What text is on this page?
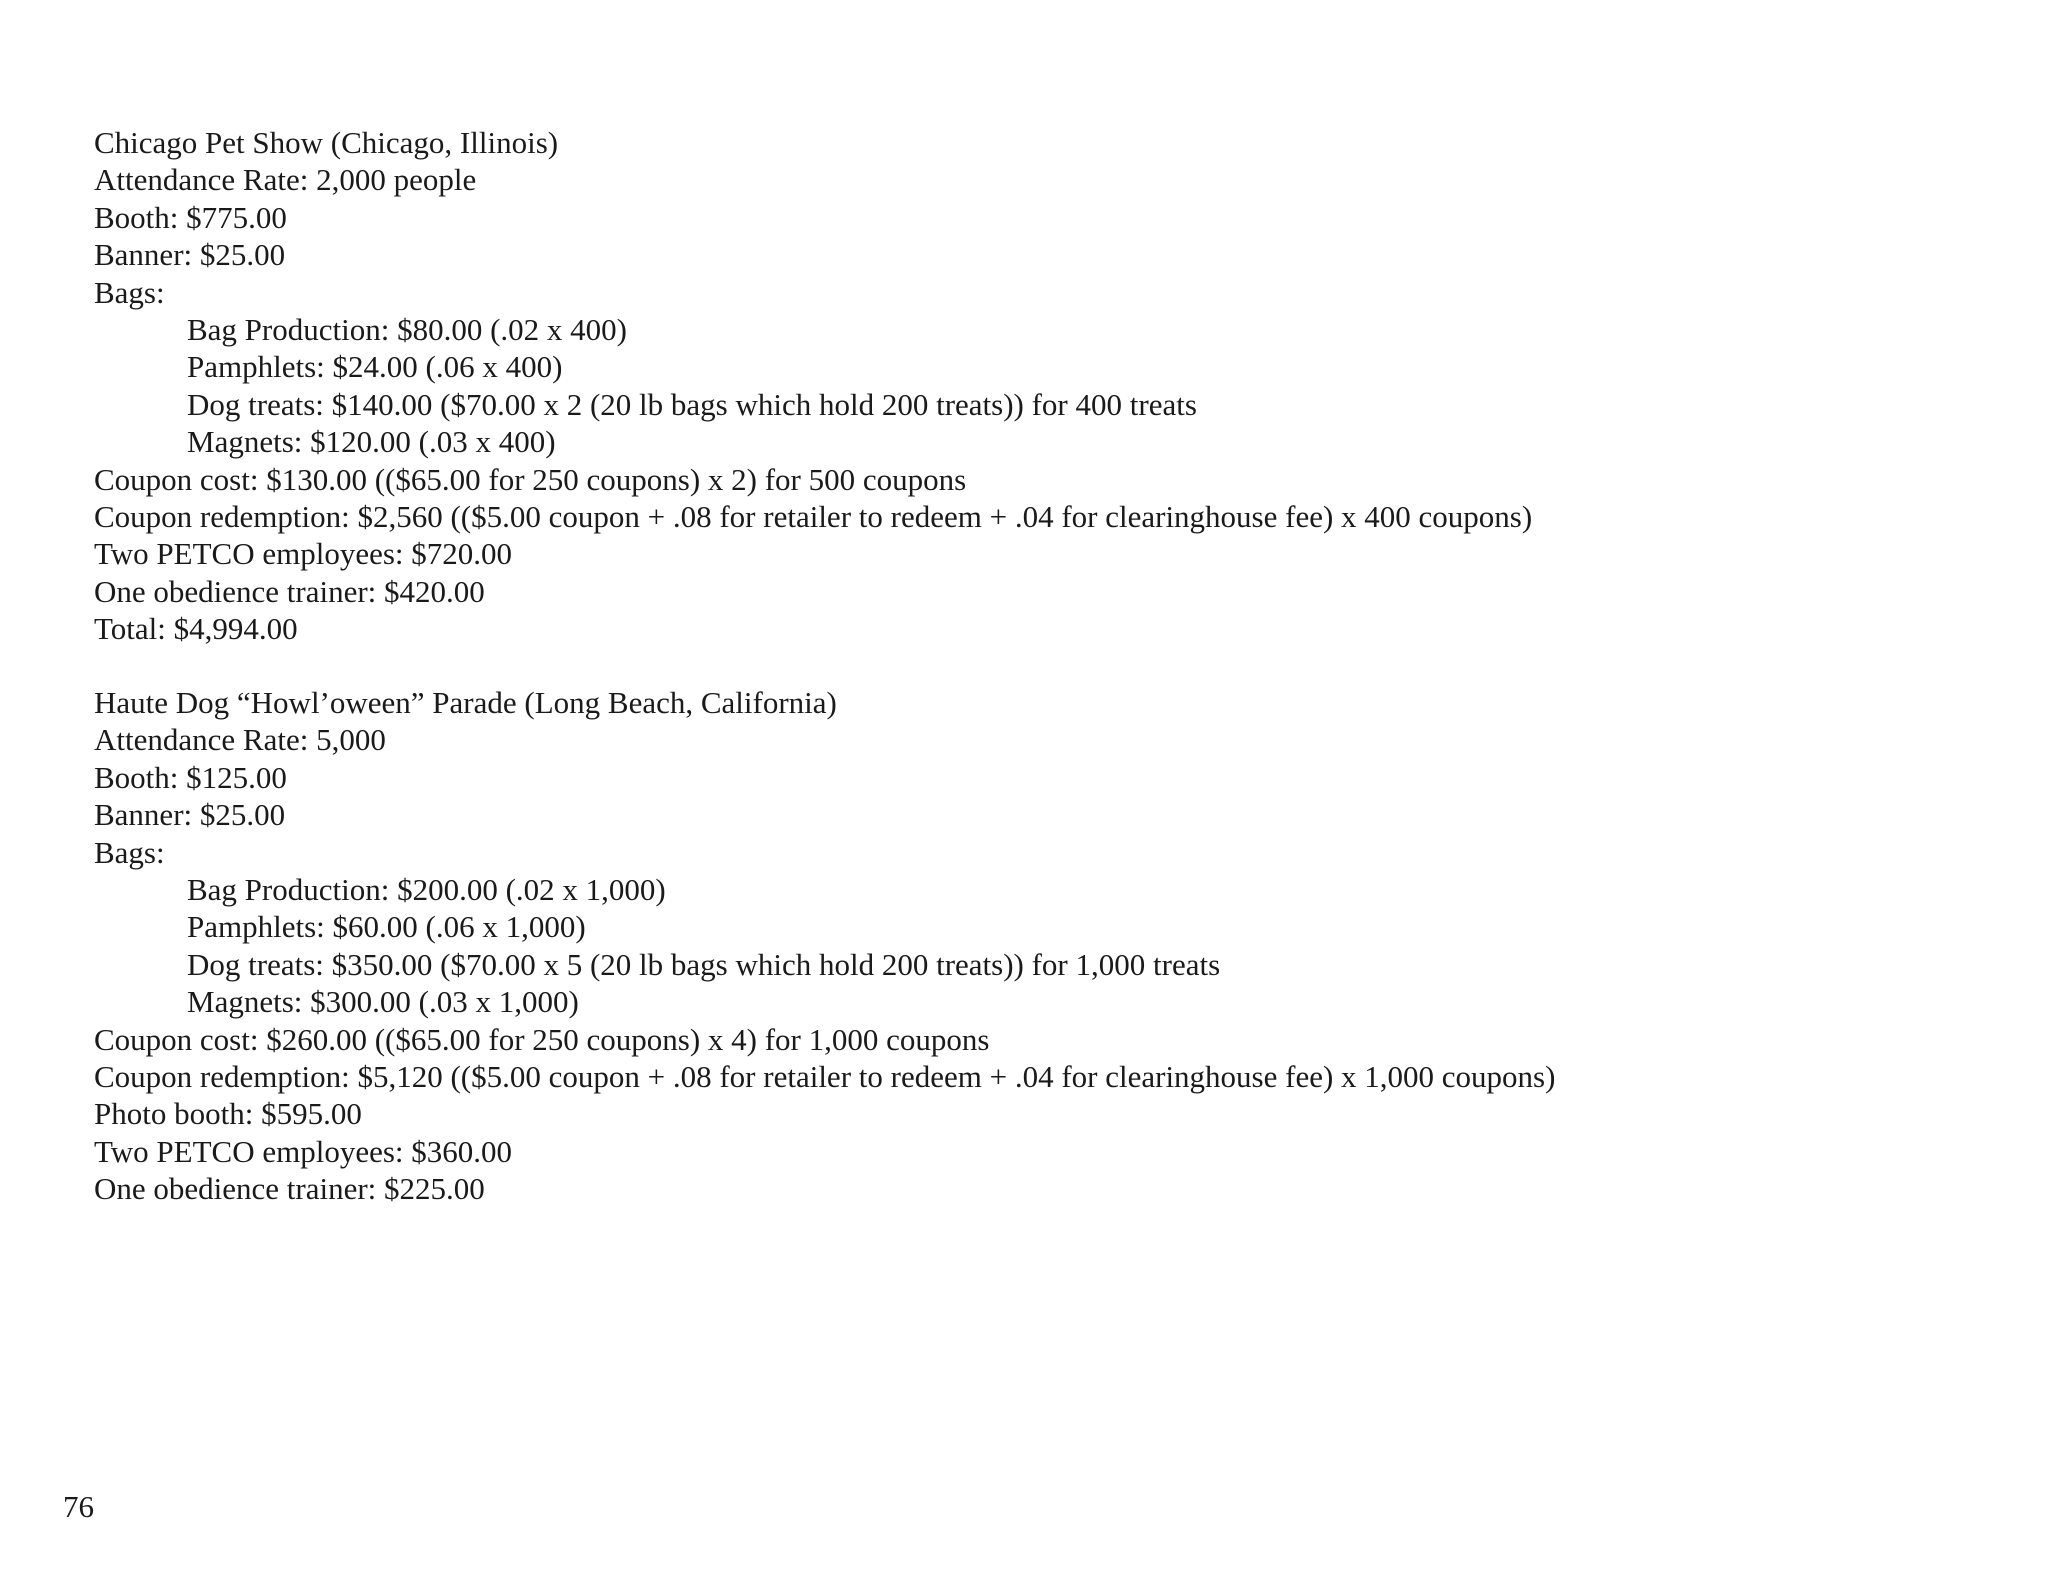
Chicago Pet Show (Chicago, Illinois)

Attendance Rate: 2,000 people

Booth: $775.00

Banner: $25.00

Bags:

Bag Production: $80.00 (.02 x 400)

Pamphlets: $24.00 (.06 x 400)

Dog treats: $140.00 ($70.00 x 2 (20 lb bags which hold 200 treats)) for 400 treats

Magnets: $120.00 (.03 x 400)

Coupon cost: $130.00 (($65.00 for 250 coupons) x 2) for 500 coupons

Coupon redemption: $2,560 (($5.00 coupon + .08 for retailer to redeem + .04 for clearinghouse fee) x 400 coupons)

Two PETCO employees: $720.00

One obedience trainer: $420.00

Total: $4,994.00

Haute Dog “Howl’oween” Parade (Long Beach, California)

Attendance Rate: 5,000

Booth: $125.00

Banner: $25.00

Bags:

Bag Production: $200.00 (.02 x 1,000)

Pamphlets: $60.00 (.06 x 1,000)

Dog treats: $350.00 ($70.00 x 5 (20 lb bags which hold 200 treats)) for 1,000 treats

Magnets: $300.00 (.03 x 1,000)

Coupon cost: $260.00 (($65.00 for 250 coupons) x 4) for 1,000 coupons

Coupon redemption: $5,120 (($5.00 coupon + .08 for retailer to redeem + .04 for clearinghouse fee) x 1,000 coupons)

Photo booth: $595.00

Two PETCO employees: $360.00

One obedience trainer: $225.00

76
